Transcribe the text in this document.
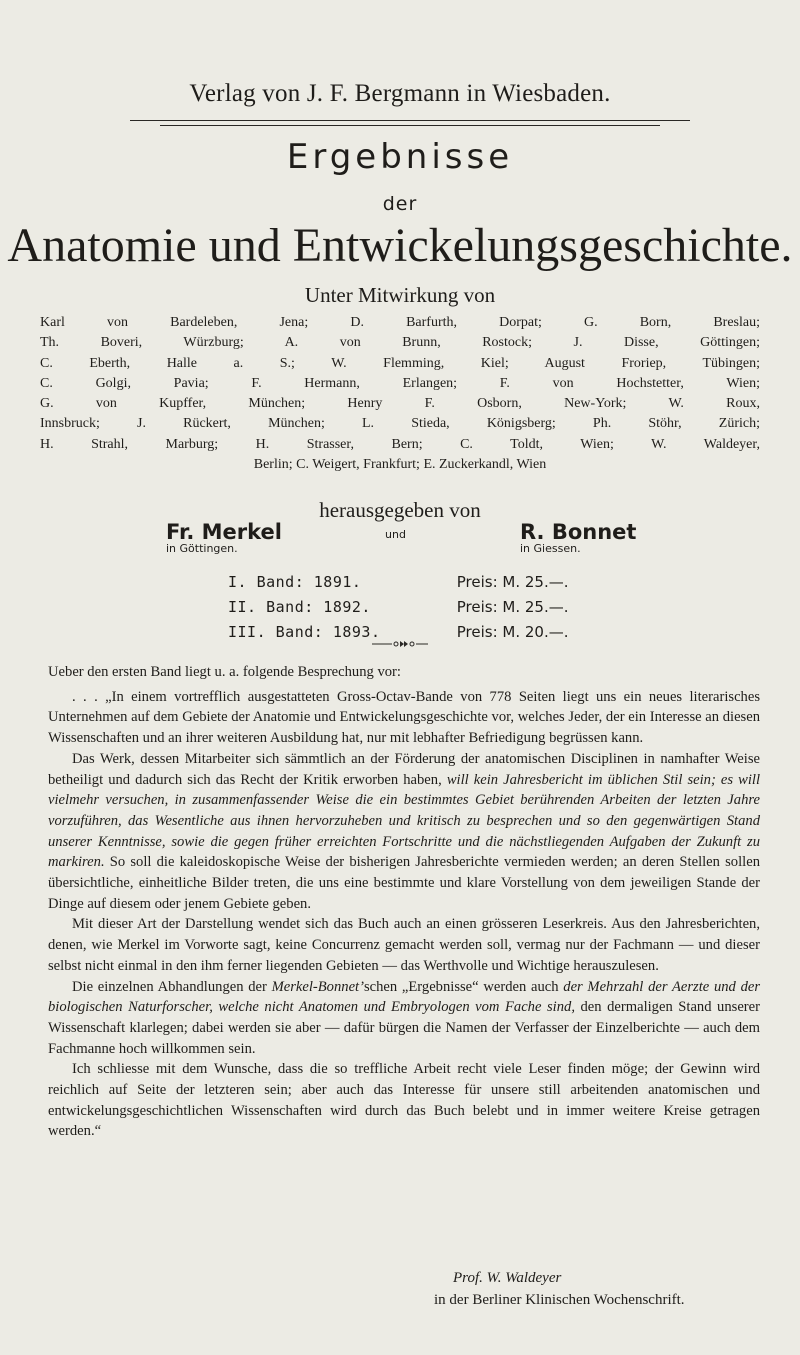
Verlag von J. F. Bergmann in Wiesbaden.
Ergebnisse
der
Anatomie und Entwickelungsgeschichte.
Unter Mitwirkung von
Karl von Bardeleben, Jena; D. Barfurth, Dorpat; G. Born, Breslau;
Th. Boveri, Würzburg; A. von Brunn, Rostock; J. Disse, Göttingen;
C. Eberth, Halle a. S.; W. Flemming, Kiel; August Froriep, Tübingen;
C. Golgi, Pavia; F. Hermann, Erlangen; F. von Hochstetter, Wien;
G. von Kupffer, München; Henry F. Osborn, New-York; W. Roux,
Innsbruck; J. Rückert, München; L. Stieda, Königsberg; Ph. Stöhr, Zürich;
H. Strahl, Marburg; H. Strasser, Bern; C. Toldt, Wien; W. Waldeyer,
Berlin; C. Weigert, Frankfurt; E. Zuckerkandl, Wien
herausgegeben von
Fr. Merkel
in Göttingen.
und	R. Bonnet
in Giessen.
I. Band: 1891.	Preis: M. 25.—.
II. Band: 1892.	Preis: M. 25.—.
III. Band: 1893.	Preis: M. 20.—.

Ueber den ersten Band liegt u. a. folgende Besprechung vor:

. . . „In einem vortrefflich ausgestatteten Gross-Octav-Bande von 778 Seiten liegt uns ein neues literarisches Unternehmen auf dem Gebiete der Anatomie und Entwickelungsgeschichte vor, welches Jeder, der ein Interesse an diesen Wissenschaften und an ihrer weiteren Ausbildung hat, nur mit lebhafter Befriedigung begrüssen kann.

Das Werk, dessen Mitarbeiter sich sämmtlich an der Förderung der anatomischen Disciplinen in namhafter Weise betheiligt und dadurch sich das Recht der Kritik erworben haben, will kein Jahresbericht im üblichen Stil sein; es will vielmehr versuchen, in zusammenfassender Weise die ein bestimmtes Gebiet berührenden Arbeiten der letzten Jahre vorzuführen, das Wesentliche aus ihnen hervorzuheben und kritisch zu besprechen und so den gegenwärtigen Stand unserer Kenntnisse, sowie die gegen früher erreichten Fortschritte und die nächstliegenden Aufgaben der Zukunft zu markiren. So soll die kaleidoskopische Weise der bisherigen Jahresberichte vermieden werden; an deren Stellen sollen übersichtliche, einheitliche Bilder treten, die uns eine bestimmte und klare Vorstellung von dem jeweiligen Stande der Dinge auf diesem oder jenem Gebiete geben.

Mit dieser Art der Darstellung wendet sich das Buch auch an einen grösseren Leserkreis. Aus den Jahresberichten, denen, wie Merkel im Vorworte sagt, keine Concurrenz gemacht werden soll, vermag nur der Fachmann — und dieser selbst nicht einmal in den ihm ferner liegenden Gebieten — das Werthvolle und Wichtige herauszulesen.

Die einzelnen Abhandlungen der Merkel-Bonnet’schen „Ergebnisse“ werden auch der Mehrzahl der Aerzte und der biologischen Naturforscher, welche nicht Anatomen und Embryologen vom Fache sind, den dermaligen Stand unserer Wissenschaft klarlegen; dabei werden sie aber — dafür bürgen die Namen der Verfasser der Einzelberichte — auch dem Fachmanne hoch willkommen sein.

Ich schliesse mit dem Wunsche, dass die so treffliche Arbeit recht viele Leser finden möge; der Gewinn wird reichlich auf Seite der letzteren sein; aber auch das Interesse für unsere still arbeitenden anatomischen und entwickelungsgeschichtlichen Wissenschaften wird durch das Buch belebt und in immer weitere Kreise getragen werden.“

Prof. W. Waldeyer
in der Berliner Klinischen Wochenschrift.
